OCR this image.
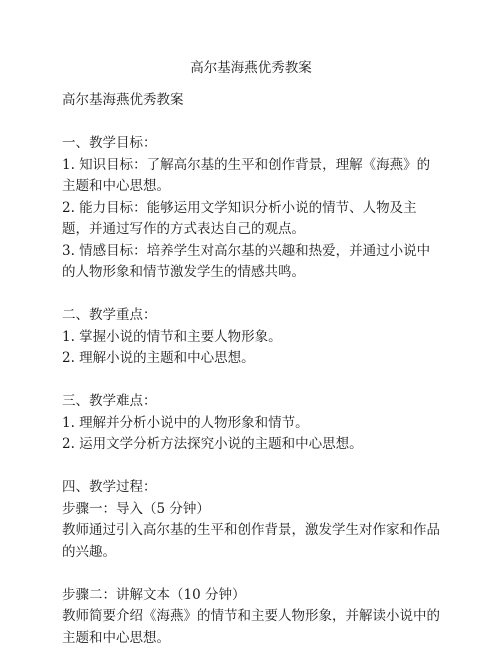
高尔基海燕优秀教案
高尔基海燕优秀教案
一、教学目标：
1. 知识目标：了解高尔基的生平和创作背景，理解《海燕》的主题和中心思想。
2. 能力目标：能够运用文学知识分析小说的情节、人物及主题，并通过写作的方式表达自己的观点。
3. 情感目标：培养学生对高尔基的兴趣和热爱，并通过小说中的人物形象和情节激发学生的情感共鸣。
二、教学重点：
1. 掌握小说的情节和主要人物形象。
2. 理解小说的主题和中心思想。
三、教学难点：
1. 理解并分析小说中的人物形象和情节。
2. 运用文学分析方法探究小说的主题和中心思想。
四、教学过程：
步骤一：导入（5 分钟）
教师通过引入高尔基的生平和创作背景，激发学生对作家和作品的兴趣。
步骤二：讲解文本（10 分钟）
教师简要介绍《海燕》的情节和主要人物形象，并解读小说中的主题和中心思想。
